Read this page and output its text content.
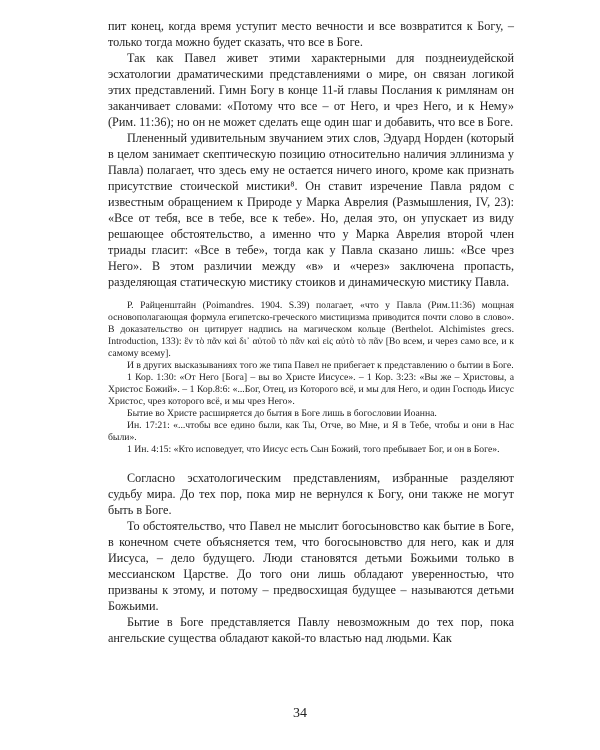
пит конец, когда время уступит место вечности и все возвратится к Богу, – только тогда можно будет сказать, что все в Боге.

Так как Павел живет этими характерными для позднеиудейской эсхатологии драматическими представлениями о мире, он связан логикой этих представлений. Гимн Богу в конце 11-й главы Послания к римлянам он заканчивает словами: «Потому что все – от Него, и чрез Него, и к Нему» (Рим. 11:36); но он не может сделать еще один шаг и добавить, что все в Боге.

Плененный удивительным звучанием этих слов, Эдуард Норден (который в целом занимает скептическую позицию относительно наличия эллинизма у Павла) полагает, что здесь ему не остается ничего иного, кроме как признать присутствие стоической мистики⁸. Он ставит изречение Павла рядом с известным обращением к Природе у Марка Аврелия (Размышления, IV, 23): «Все от тебя, все в тебе, все к тебе». Но, делая это, он упускает из виду решающее обстоятельство, а именно что у Марка Аврелия второй член триады гласит: «Все в тебе», тогда как у Павла сказано лишь: «Все чрез Него». В этом различии между «в» и «через» заключена пропасть, разделяющая статическую мистику стоиков и динамическую мистику Павла.

Р. Райценштайн (Poimandres. 1904. S.39) полагает, «что у Павла (Рим.11:36) мощная основополагающая формула египетско-греческого мистицизма приводится почти слово в слово». В доказательство он цитирует надпись на магическом кольце (Berthelot. Alchimistes grecs. Introduction, 133): ἓν τὸ πᾶν καὶ δι᾽ αὐτοῦ τὸ πᾶν καὶ εἰς αὐτὸ τὸ πᾶν [Во всем, и через само все, и к самому всему].

И в других высказываниях того же типа Павел не прибегает к представлению о бытии в Боге.

1 Кор. 1:30: «От Него [Бога] – вы во Христе Иисусе». – 1 Кор. 3:23: «Вы же – Христовы, а Христос Божий». – 1 Кор.8:6: «...Бог, Отец, из Которого всё, и мы для Него, и один Господь Иисус Христос, чрез которого всё, и мы чрез Него».

Бытие во Христе расширяется до бытия в Боге лишь в богословии Иоанна.

Ин. 17:21: «...чтобы все едино были, как Ты, Отче, во Мне, и Я в Тебе, чтобы и они в Нас были».

1 Ин. 4:15: «Кто исповедует, что Иисус есть Сын Божий, того пребывает Бог, и он в Боге».

Согласно эсхатологическим представлениям, избранные разделяют судьбу мира. До тех пор, пока мир не вернулся к Богу, они также не могут быть в Боге.

То обстоятельство, что Павел не мыслит богосыновство как бытие в Боге, в конечном счете объясняется тем, что богосыновство для него, как и для Иисуса, – дело будущего. Люди становятся детьми Божьими только в мессианском Царстве. До того они лишь обладают уверенностью, что призваны к этому, и потому – предвосхищая будущее – называются детьми Божьими.

Бытие в Боге представляется Павлу невозможным до тех пор, пока ангельские существа обладают какой-то властью над людьми. Как

34
